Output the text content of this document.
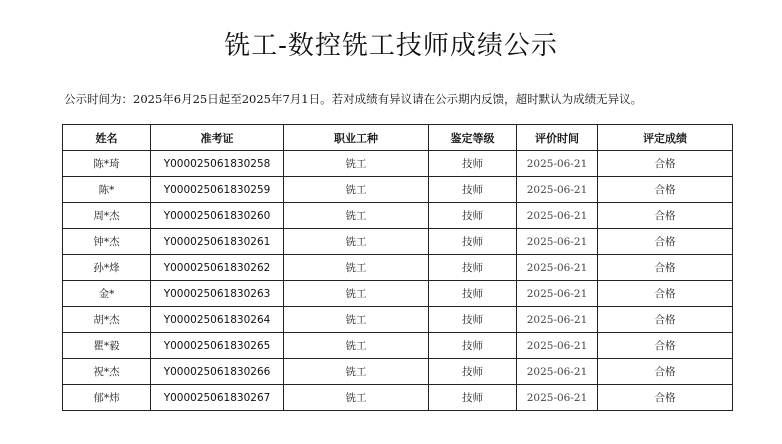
铣工-数控铣工技师成绩公示
公示时间为：2025年6月25日起至2025年7月1日。若对成绩有异议请在公示期内反馈，超时默认为成绩无异议。
姓名	准考证	职业工种	鉴定等级	评价时间	评定成绩
陈*琦	Y000025061830258	铣工	技师	2025-06-21	合格
陈*	Y000025061830259	铣工	技师	2025-06-21	合格
周*杰	Y000025061830260	铣工	技师	2025-06-21	合格
钟*杰	Y000025061830261	铣工	技师	2025-06-21	合格
孙*烽	Y000025061830262	铣工	技师	2025-06-21	合格
金*	Y000025061830263	铣工	技师	2025-06-21	合格
胡*杰	Y000025061830264	铣工	技师	2025-06-21	合格
瞿*毅	Y000025061830265	铣工	技师	2025-06-21	合格
祝*杰	Y000025061830266	铣工	技师	2025-06-21	合格
郁*炜	Y000025061830267	铣工	技师	2025-06-21	合格
